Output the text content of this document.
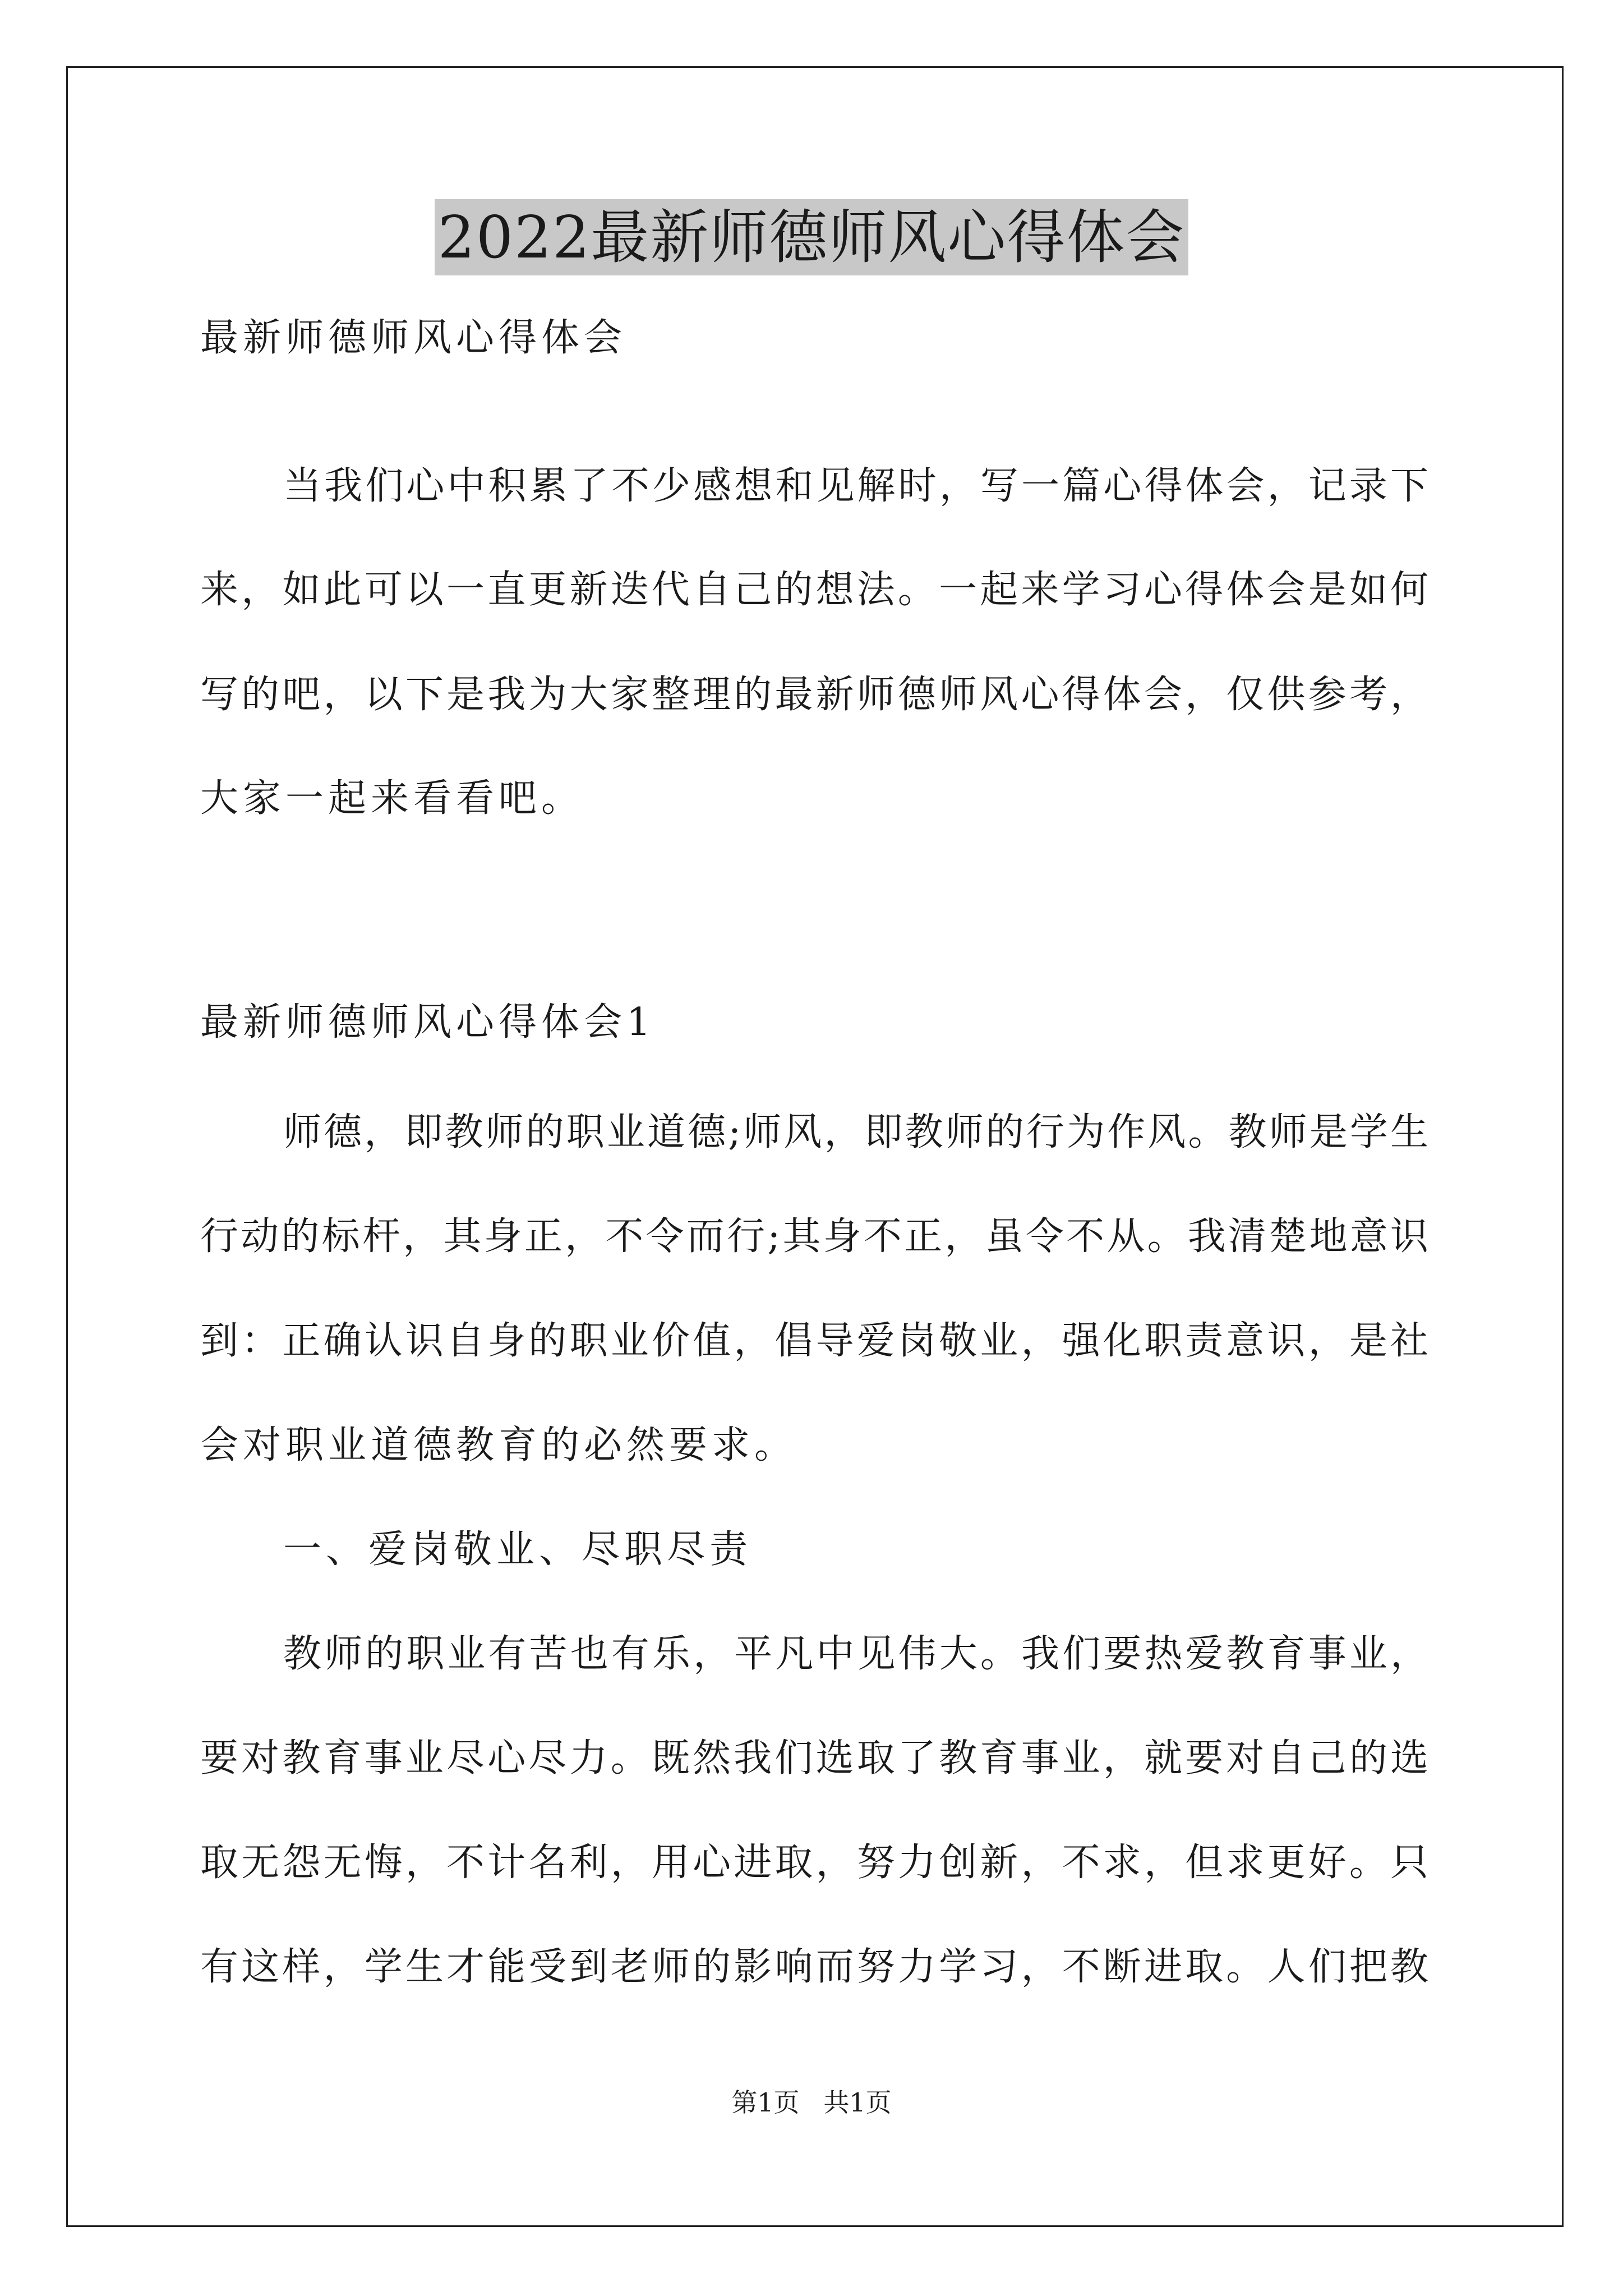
2022最新师德师风心得体会
最新师德师风心得体会
当我们心中积累了不少感想和见解时，写一篇心得体会，记录下
来，如此可以一直更新迭代自己的想法。一起来学习心得体会是如何
写的吧，以下是我为大家整理的最新师德师风心得体会，仅供参考，
大家一起来看看吧。
最新师德师风心得体会1
师德，即教师的职业道德;师风，即教师的行为作风。教师是学生
行动的标杆，其身正，不令而行;其身不正，虽令不从。我清楚地意识
到：正确认识自身的职业价值，倡导爱岗敬业，强化职责意识，是社
会对职业道德教育的必然要求。
一、爱岗敬业、尽职尽责
教师的职业有苦也有乐，平凡中见伟大。我们要热爱教育事业，
要对教育事业尽心尽力。既然我们选取了教育事业，就要对自己的选
取无怨无悔，不计名利，用心进取，努力创新，不求，但求更好。只
有这样，学生才能受到老师的影响而努力学习，不断进取。人们把教
第1页 共1页
